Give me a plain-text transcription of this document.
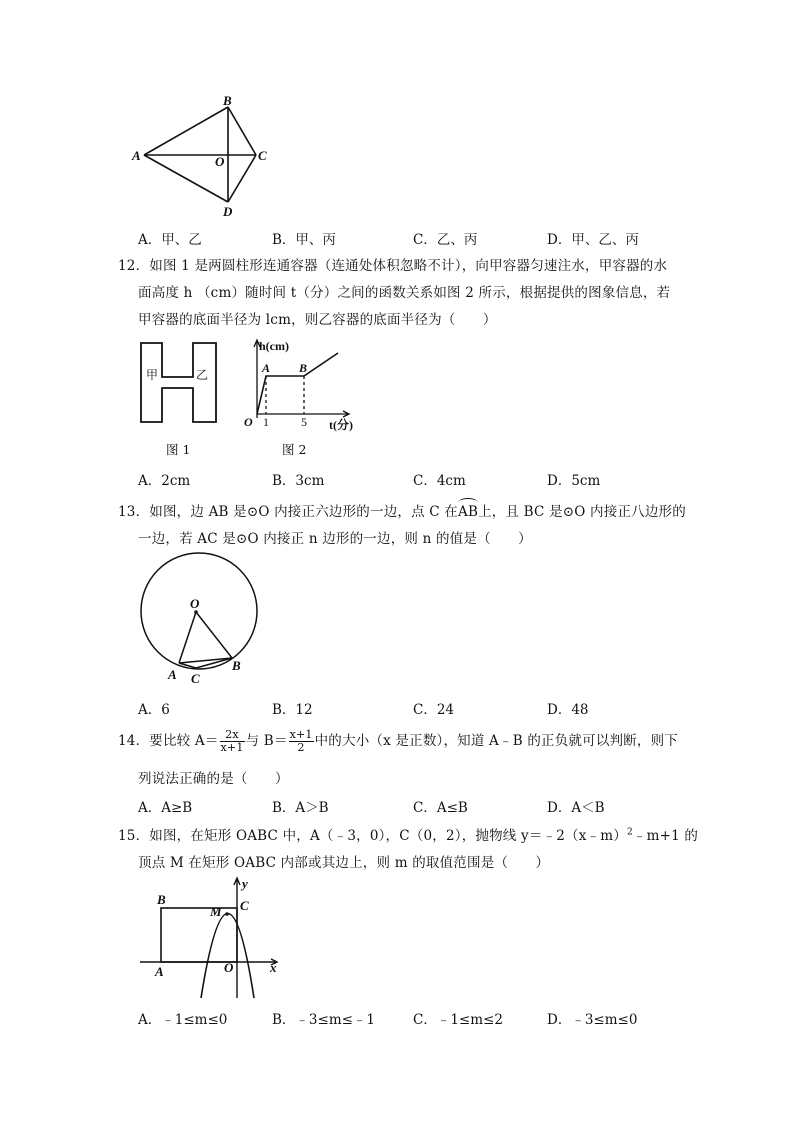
B
A	C
O
D
A．甲、乙	B．甲、丙	C．乙、丙	D．甲、乙、丙
12．如图 1 是两圆柱形连通容器（连通处体积忽略不计），向甲容器匀速注水，甲容器的水
面高度 h （cm）随时间 t（分）之间的函数关系如图 2 所示，根据提供的图象信息，若
甲容器的底面半径为 lcm，则乙容器的底面半径为（　　）
甲	乙
图 1
h(cm)
A B
O 1	5 t(分)
图 2
A．2cm	B．3cm	C．4cm	D．5cm
13．如图，边 AB 是⊙O 内接正六边形的一边，点 C 在AB上，且 BC 是⊙O 内接正八边形的
一边，若 AC 是⊙O 内接正 n 边形的一边，则 n 的值是（　　）
O
A C
B
A．6	B．12	C．24	D．48
14．要比较 $A= \frac{2x}{x+1}$ 与 $B= \frac{x+1}{2}$ 中的大小（x 是正数），知道 A﹣B 的正负就可以判断，则下
列说法正确的是（　　）
A．A≥B	B．A＞B	C．A≤B	D．A＜B
15．如图，在矩形 OABC 中，A（﹣3，0），C（0，2），抛物线 y＝﹣2（x﹣m）$^2$﹣m+1 的
顶点 M 在矩形 OABC 内部或其边上，则 m 的取值范围是（　　）
y
B	C
M
A	O	x
A．﹣1≤m≤0	B．﹣3≤m≤﹣1	C．﹣1≤m≤2	D．﹣3≤m≤0
